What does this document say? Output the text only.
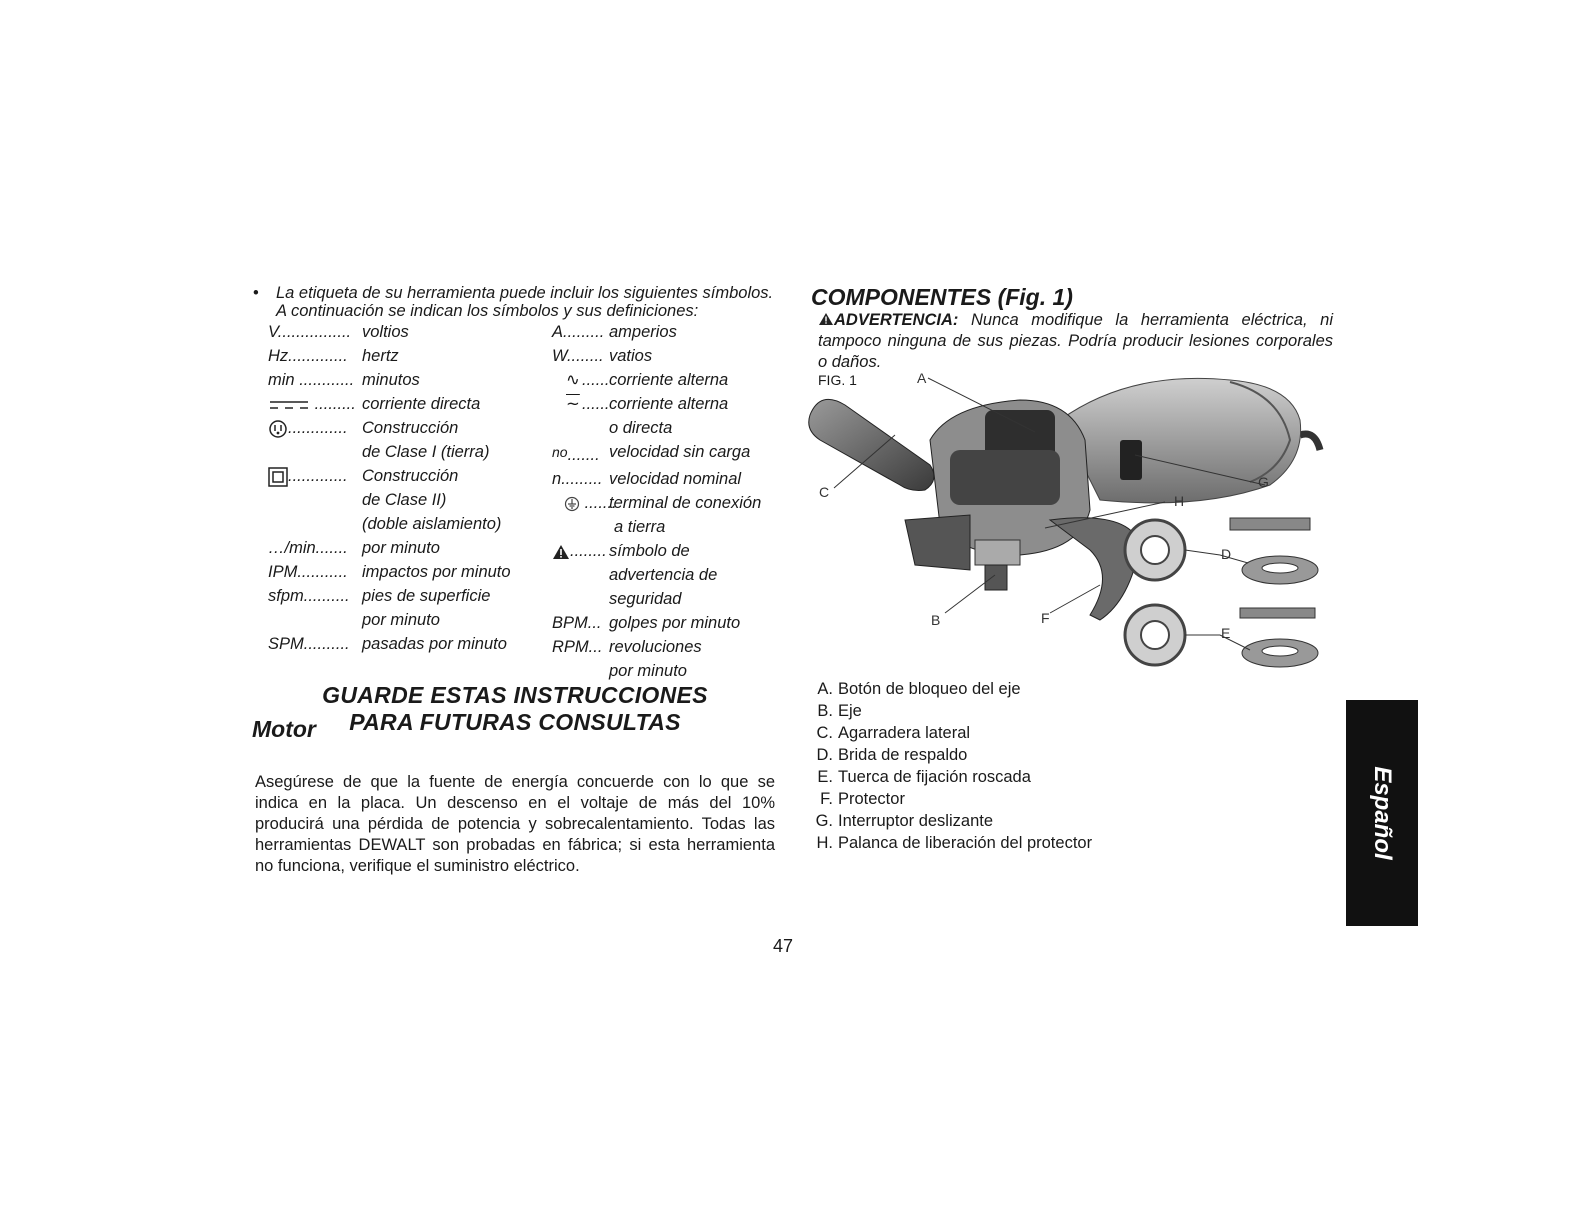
•	La etiqueta de su herramienta puede incluir los siguientes símbolos.
A continuación se indican los símbolos y sus definiciones:
V................ voltios
Hz............. hertz
min ............ minutos
......... corriente directa
............. Construcción
de Clase I (tierra)

............. Construcción
de Clase II)

(doble aislamiento)

…/min....... por minuto
IPM........... impactos por minuto
sfpm.......... pies de superficie
por minuto

SPM.......... pasadas por minuto
A......... amperios
W........ vatios
∿ ...... corriente alterna
∼ ...... corriente alterna
o directa

no....... velocidad sin carga
n......... velocidad nominal
.......
terminal de conexión
a tierra

........ símbolo de
advertencia de

seguridad

BPM... golpes por minuto
RPM... revoluciones
por minuto

GUARDE ESTAS INSTRUCCIONES
PARA FUTURAS CONSULTAS
Motor
Asegúrese de que la fuente de energía concuerde con lo que se
indica en la placa. Un descenso en el voltaje de más del 10%
producirá una pérdida de potencia y sobrecalentamiento. Todas las
herramientas DEWALT son probadas en fábrica; si esta herramienta
no funciona, verifique el suministro eléctrico.
COMPONENTES (Fig. 1)
ADVERTENCIA: Nunca modifique la herramienta eléctrica, ni
tampoco ninguna de sus piezas. Podría producir lesiones corporales
o daños.
FIG. 1	A
B
C
D
E
F
G
H
A. Botón de bloqueo del eje
B. Eje
C. Agarradera lateral
D. Brida de respaldo
E. Tuerca de fijación roscada
F. Protector
G. Interruptor deslizante
H. Palanca de liberación del protector
47
Español
